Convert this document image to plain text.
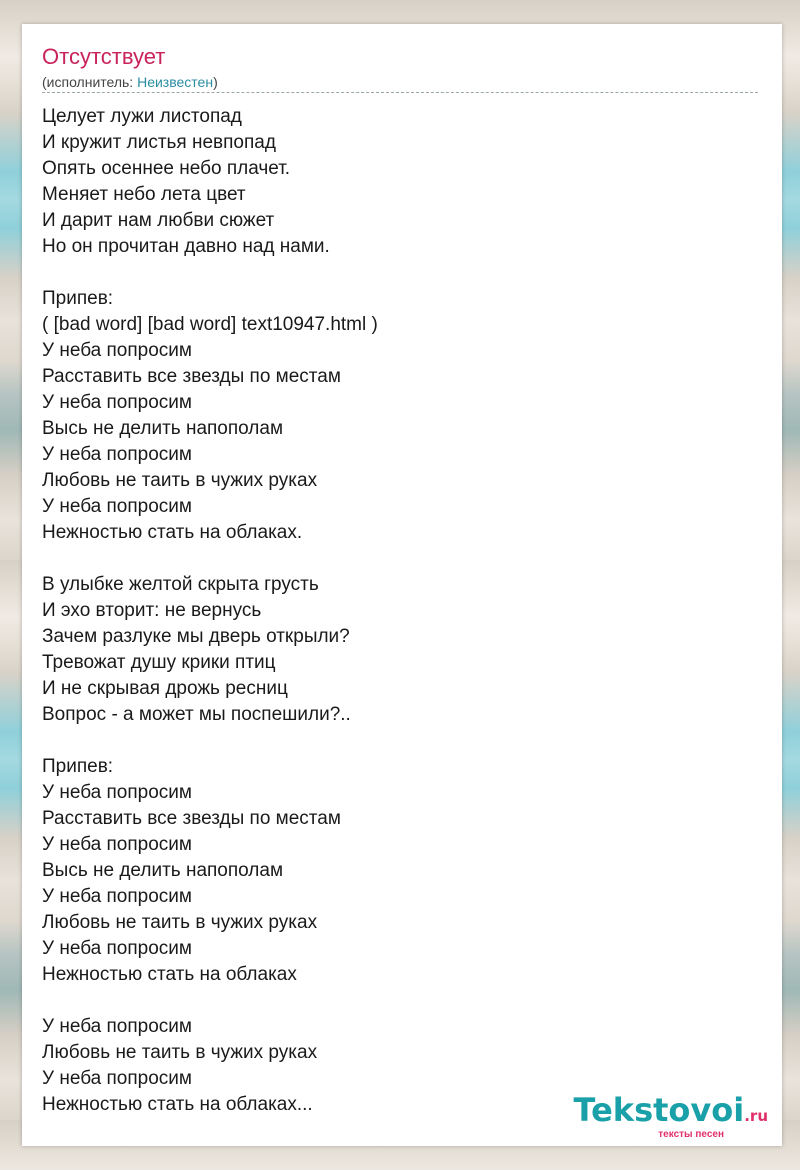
Отсутствует
(исполнитель: Неизвестен)
Целует лужи листопад
И кружит листья невпопад
Опять осеннее небо плачет.
Меняет небо лета цвет
И дарит нам любви сюжет
Но он прочитан давно над нами.
Припев:
( [bad word] [bad word] text10947.html )
У неба попросим
Расставить все звезды по местам
У неба попросим
Высь не делить напополам
У неба попросим
Любовь не таить в чужих руках
У неба попросим
Нежностью стать на облаках.
В улыбке желтой скрыта грусть
И эхо вторит: не вернусь
Зачем разлуке мы дверь открыли?
Тревожат душу крики птиц
И не скрывая дрожь ресниц
Вопрос - а может мы поспешили?..
Припев:
У неба попросим
Расставить все звезды по местам
У неба попросим
Высь не делить напополам
У неба попросим
Любовь не таить в чужих руках
У неба попросим
Нежностью стать на облаках
У неба попросим
Любовь не таить в чужих руках
У неба попросим
Нежностью стать на облаках...	Tekstovoi.ru
тексты песен
